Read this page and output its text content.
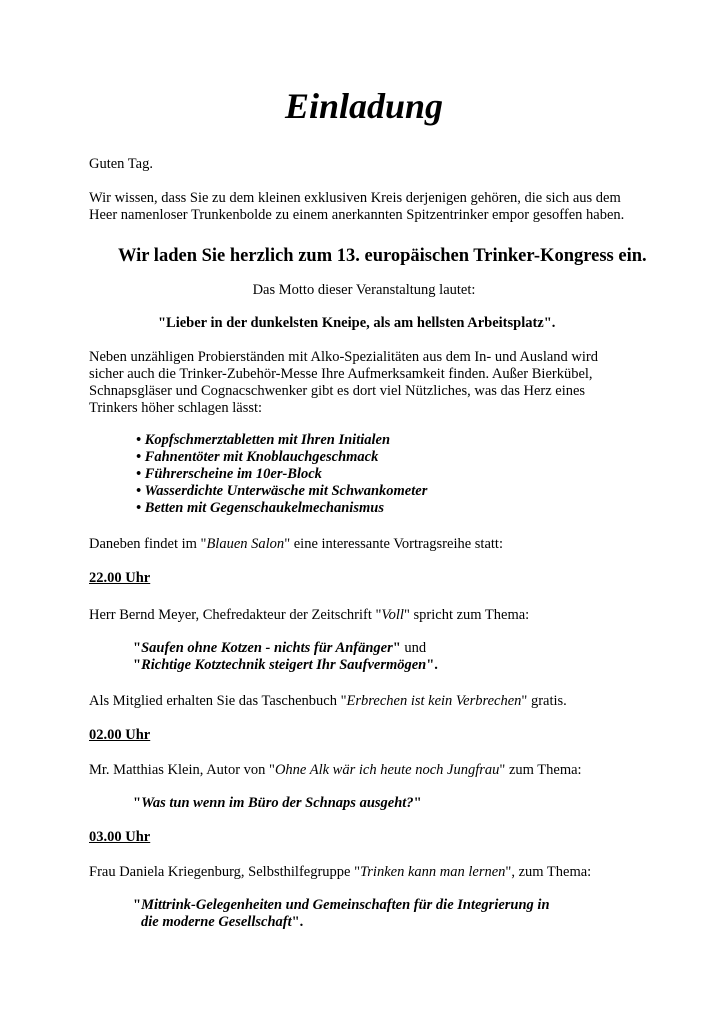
Einladung
Guten Tag.
Wir wissen, dass Sie zu dem kleinen exklusiven Kreis derjenigen gehören, die sich aus dem
Heer namenloser Trunkenbolde zu einem anerkannten Spitzentrinker empor gesoffen haben.
Wir laden Sie herzlich zum 13. europäischen Trinker-Kongress ein.
Das Motto dieser Veranstaltung lautet:
"Lieber in der dunkelsten Kneipe, als am hellsten Arbeitsplatz".
Neben unzähligen Probierständen mit Alko-Spezialitäten aus dem In- und Ausland wird
sicher auch die Trinker-Zubehör-Messe Ihre Aufmerksamkeit finden. Außer Bierkübel,
Schnapsgläser und Cognacschwenker gibt es dort viel Nützliches, was das Herz eines
Trinkers höher schlagen lässt:
• Kopfschmerztabletten mit Ihren Initialen
• Fahnentöter mit Knoblauchgeschmack
• Führerscheine im 10er-Block
• Wasserdichte Unterwäsche mit Schwankometer
• Betten mit Gegenschaukelmechanismus
Daneben findet im "Blauen Salon" eine interessante Vortragsreihe statt:
22.00 Uhr
Herr Bernd Meyer, Chefredakteur der Zeitschrift "Voll" spricht zum Thema:
"Saufen ohne Kotzen - nichts für Anfänger" und
"Richtige Kotztechnik steigert Ihr Saufvermögen".
Als Mitglied erhalten Sie das Taschenbuch "Erbrechen ist kein Verbrechen" gratis.
02.00 Uhr
Mr. Matthias Klein, Autor von "Ohne Alk wär ich heute noch Jungfrau" zum Thema:
"Was tun wenn im Büro der Schnaps ausgeht?"
03.00 Uhr
Frau Daniela Kriegenburg, Selbsthilfegruppe "Trinken kann man lernen", zum Thema:
"Mittrink-Gelegenheiten und Gemeinschaften für die Integrierung in
die moderne Gesellschaft".
